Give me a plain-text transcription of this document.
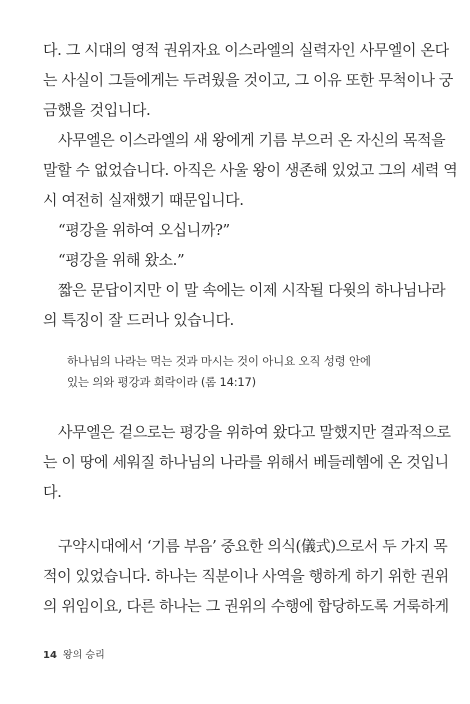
다. 그 시대의 영적 권위자요 이스라엘의 실력자인 사무엘이 온다
는 사실이 그들에게는 두려웠을 것이고, 그 이유 또한 무척이나 궁
금했을 것입니다.
사무엘은 이스라엘의 새 왕에게 기름 부으러 온 자신의 목적을
말할 수 없었습니다. 아직은 사울 왕이 생존해 있었고 그의 세력 역
시 여전히 실재했기 때문입니다.
“평강을 위하여 오십니까?”
“평강을 위해 왔소.”
짧은 문답이지만 이 말 속에는 이제 시작될 다윗의 하나님나라
의 특징이 잘 드러나 있습니다.
하나님의 나라는 먹는 것과 마시는 것이 아니요 오직 성령 안에
있는 의와 평강과 희락이라 (롬 14:17)
사무엘은 겉으로는 평강을 위하여 왔다고 말했지만 결과적으로
는 이 땅에 세워질 하나님의 나라를 위해서 베들레헴에 온 것입니
다.
구약시대에서 ‘기름 부음’ 중요한 의식(儀式)으로서 두 가지 목
적이 있었습니다. 하나는 직분이나 사역을 행하게 하기 위한 권위
의 위임이요, 다른 하나는 그 권위의 수행에 합당하도록 거룩하게
14 왕의 승리
